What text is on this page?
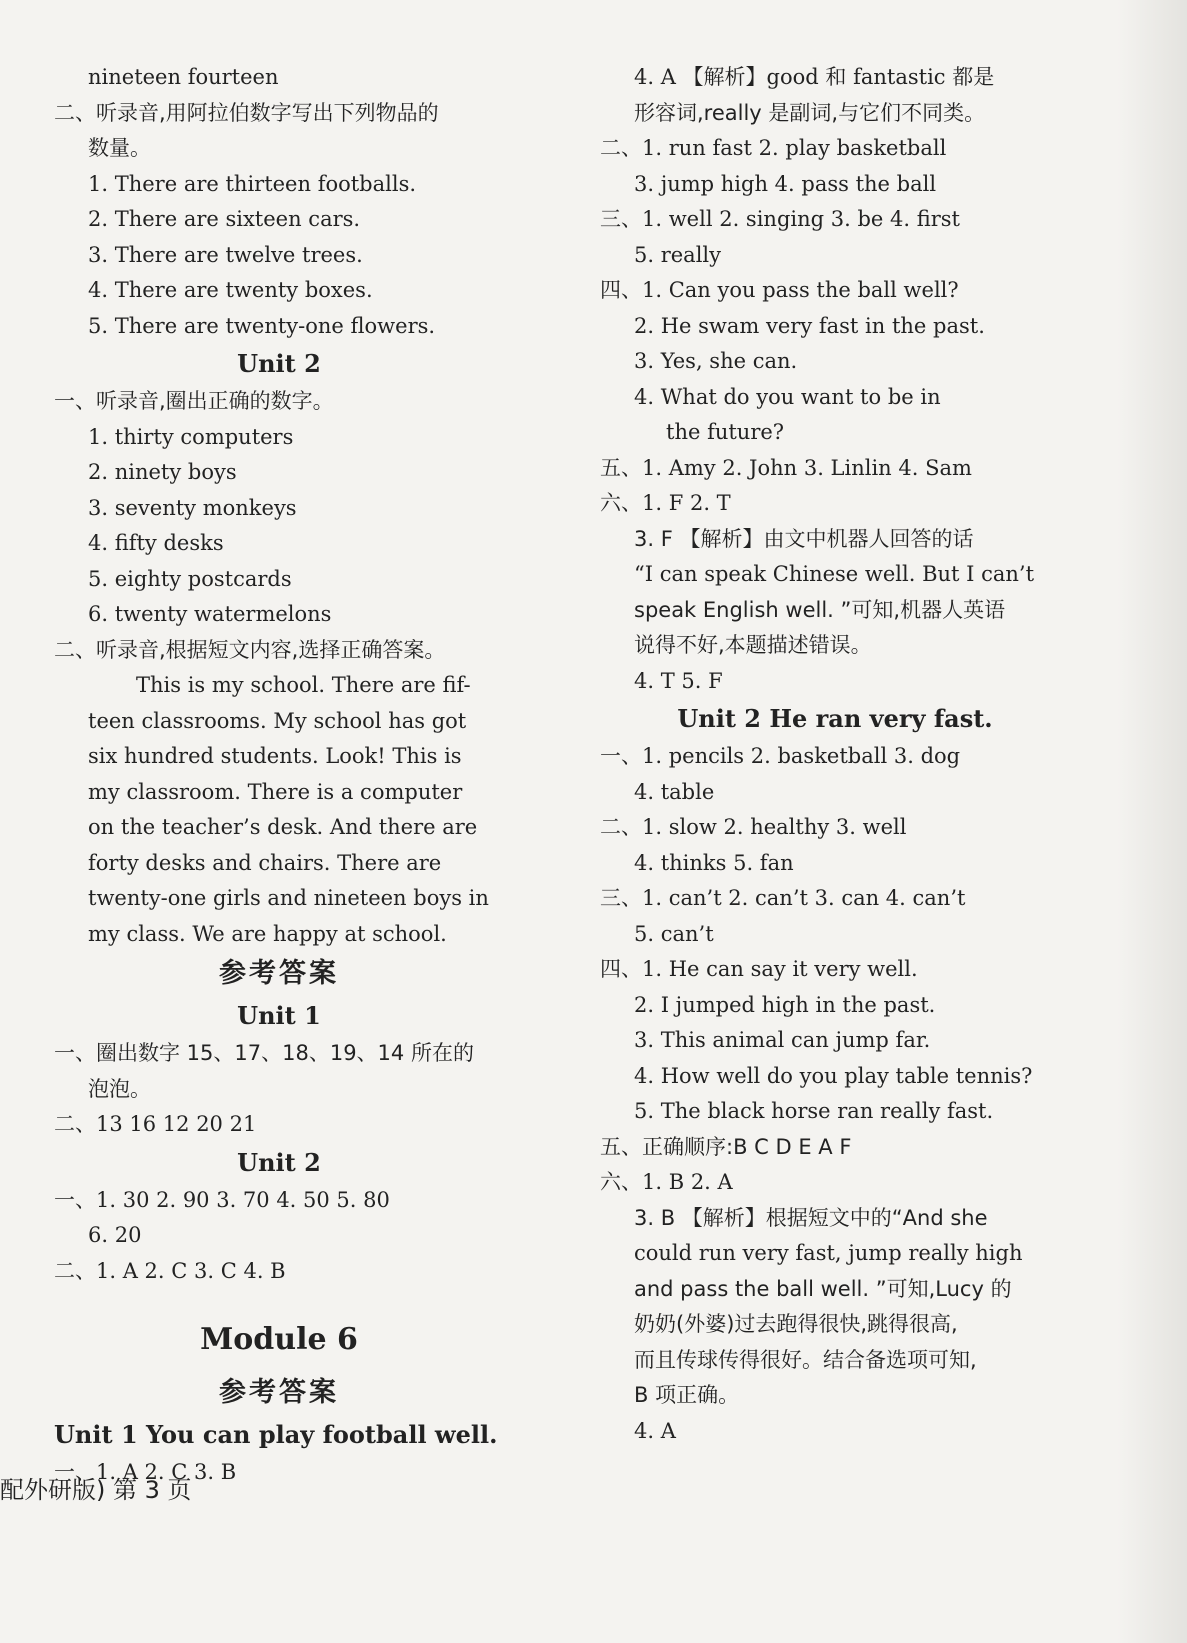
nineteen fourteen
二、听录音,用阿拉伯数字写出下列物品的
数量。
1. There are thirteen footballs.
2. There are sixteen cars.
3. There are twelve trees.
4. There are twenty boxes.
5. There are twenty-one flowers.
Unit 2
一、听录音,圈出正确的数字。
1. thirty computers
2. ninety boys
3. seventy monkeys
4. fifty desks
5. eighty postcards
6. twenty watermelons
二、听录音,根据短文内容,选择正确答案。
This is my school. There are fif-
teen classrooms. My school has got
six hundred students. Look! This is
my classroom. There is a computer
on the teacher’s desk. And there are
forty desks and chairs. There are
twenty-one girls and nineteen boys in
my class. We are happy at school.
参考答案
Unit 1
一、圈出数字 15、17、18、19、14 所在的
泡泡。
二、13 16 12 20 21
Unit 2
一、1. 30 2. 90 3. 70 4. 50 5. 80
6. 20
二、1. A 2. C 3. C 4. B
Module 6
参考答案
Unit 1 You can play football well.
一、1. A 2. C 3. B
4. A 【解析】good 和 fantastic 都是
形容词,really 是副词,与它们不同类。
二、1. run fast 2. play basketball
3. jump high 4. pass the ball
三、1. well 2. singing 3. be 4. first
5. really
四、1. Can you pass the ball well?
2. He swam very fast in the past.
3. Yes, she can.
4. What do you want to be in
the future?
五、1. Amy 2. John 3. Linlin 4. Sam
六、1. F 2. T
3. F 【解析】由文中机器人回答的话
“I can speak Chinese well. But I can’t
speak English well. ”可知,机器人英语
说得不好,本题描述错误。
4. T 5. F
Unit 2 He ran very fast.
一、1. pencils 2. basketball 3. dog
4. table
二、1. slow 2. healthy 3. well
4. thinks 5. fan
三、1. can’t 2. can’t 3. can 4. can’t
5. can’t
四、1. He can say it very well.
2. I jumped high in the past.
3. This animal can jump far.
4. How well do you play table tennis?
5. The black horse ran really fast.
五、正确顺序:B C D E A F
六、1. B 2. A
3. B 【解析】根据短文中的“And she
could run very fast, jump really high
and pass the ball well. ”可知,Lucy 的
奶奶(外婆)过去跑得很快,跳得很高,
而且传球传得很好。结合备选项可知,
B 项正确。
4. A
配外研版) 第 3 页
